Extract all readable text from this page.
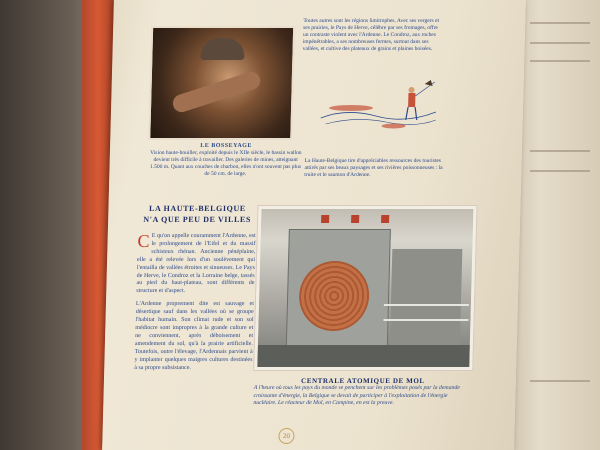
LE BOSSEYAGE
Vision haute-houiller, exploité depuis le XIIe siècle, le bassin wallon devient très difficile à travailler. Des galeries de mines, atteignant 1.500 m. Quant aux couches de charbon, elles n'ont souvent pas plus de 50 cm. de large.
Toutes autres sont les régions limitrophes. Avec ses vergers et ses prairies, le Pays de Herve, célèbre par ses fromages, offre un contraste violent avec l'Ardenne. Le Condroz, aux roches impénétrables, a ses nombreuses fermes, surtout dans ses vallées, et cultive des plateaux de grains et plaines boisées.
La Haute-Belgique tire d'appréciables ressources des touristes attirés par ses beaux paysages et ses rivières poissonneuses : la truite et le saumon d'Ardenne.
LA HAUTE-BELGIQUE N'A QUE PEU DE VILLES
C E qu'on appelle couramment l'Ardenne, est le prolongement de l'Eifel et du massif schisteux rhénan. Ancienne pénéplaine, elle a été relevée lors d'un soulèvement qui l'entailla de vallées étroites et sinueuses. Le Pays de Herve, le Condroz et la Lorraine belge, tassés au pied du haut-plateau, sont différents de structure et d'aspect.
L'Ardenne proprement dite est sauvage et désertique sauf dans les vallées où se groupe l'habitat humain. Son climat rude et son sol médiocre sont impropres à la grande culture et ne conviennent, après déboisement et amendement du sol, qu'à la prairie artificielle. Toutefois, outre l'élevage, l'Ardennais parvient à y implanter quelques maigres cultures destinées à sa propre subsistance.
CENTRALE ATOMIQUE DE MOL
A l'heure où tous les pays du monde se penchent sur les problèmes posés par la demande croissante d'énergie, la Belgique se devait de participer à l'exploitation de l'énergie nucléaire. Le réacteur de Mol, en Campine, en est la preuve.
20
